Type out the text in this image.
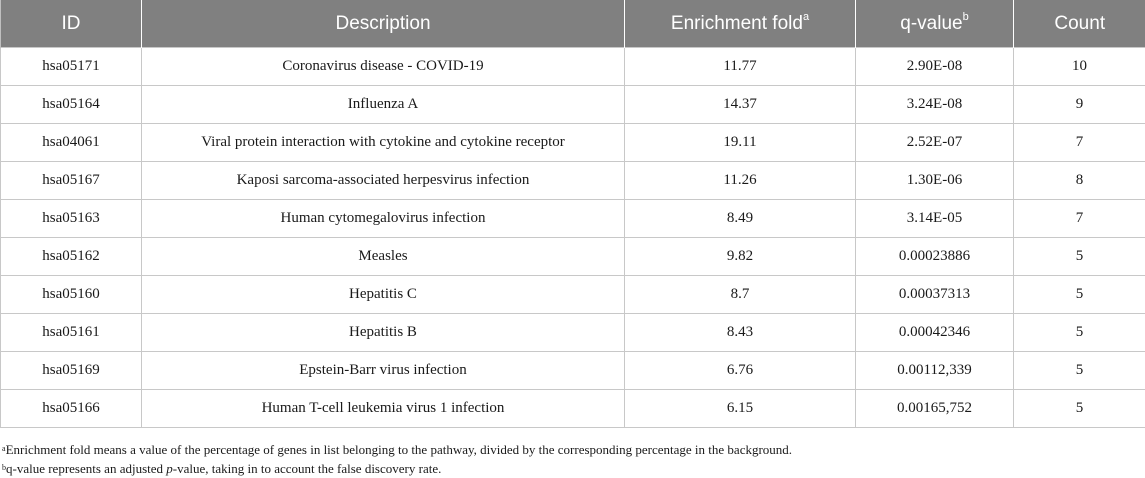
ID	Description	Enrichment fold$^a$	q-value$^b$	Count
hsa05171	Coronavirus disease - COVID-19	11.77	2.90E-08	10
hsa05164	Influenza A	14.37	3.24E-08	9
hsa04061	Viral protein interaction with cytokine and cytokine receptor	19.11	2.52E-07	7
hsa05167	Kaposi sarcoma-associated herpesvirus infection	11.26	1.30E-06	8
hsa05163	Human cytomegalovirus infection	8.49	3.14E-05	7
hsa05162	Measles	9.82	0.00023886	5
hsa05160	Hepatitis C	8.7	0.00037313	5
hsa05161	Hepatitis B	8.43	0.00042346	5
hsa05169	Epstein-Barr virus infection	6.76	0.00112,339	5
hsa05166	Human T-cell leukemia virus 1 infection	6.15	0.00165,752	5
$^a$Enrichment fold means a value of the percentage of genes in list belonging to the pathway, divided by the corresponding percentage in the background.
$^b$q-value represents an adjusted p-value, taking in to account the false discovery rate.
